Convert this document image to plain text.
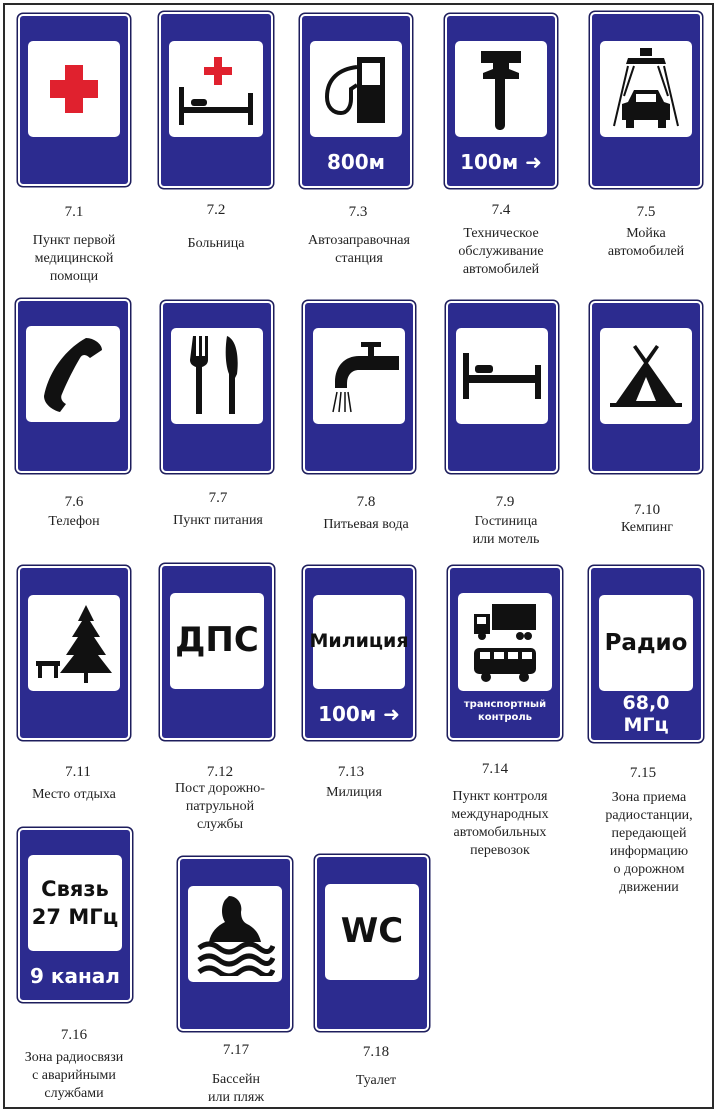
800м	100м ➜
7.1
Пункт первой
медицинской
помощи
7.2
Больница
7.3
Автозаправочная
станция
7.4
Техническое
обслуживание
автомобилей
7.5
Мойка
автомобилей
7.6
Телефон
7.7
Пункт питания
7.8
Питьевая вода
7.9
Гостиница
или мотель
7.10
Кемпинг
ДПС	Милиция
100м ➜	транспортный
контроль
Радио
68,0
МГц
7.11
Место отдыха
7.12
Пост дорожно-
патрульной
службы
7.13
Милиция
7.14
Пункт контроля
международных
автомобильных
перевозок
7.15
Зона приема
радиостанции,
передающей
информацию
о дорожном
движении
Связь
27 МГц
9 канал
WC
7.16
Зона радиосвязи
с аварийными
службами
7.17
Бассейн
или пляж
7.18
Туалет
